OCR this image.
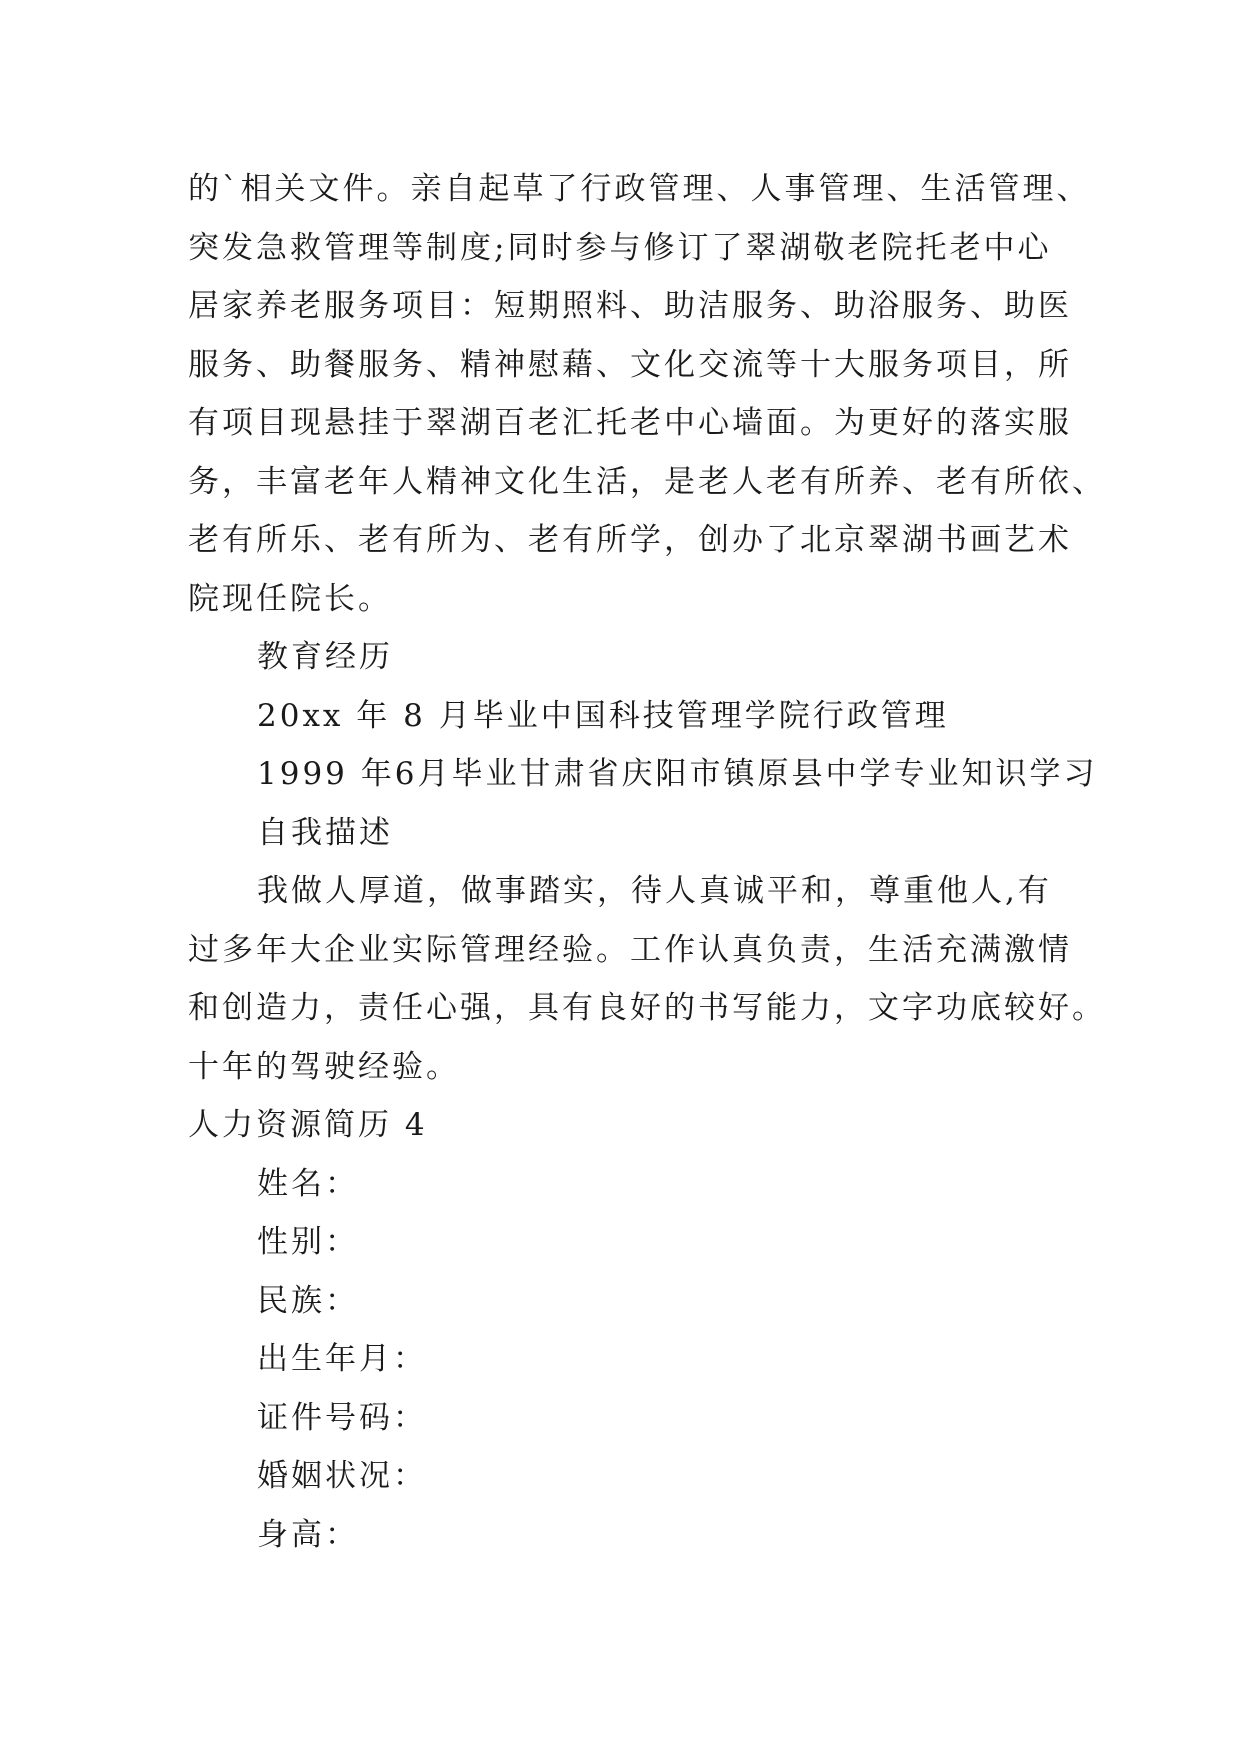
的`相关文件。亲自起草了行政管理、人事管理、生活管理、
突发急救管理等制度;同时参与修订了翠湖敬老院托老中心
居家养老服务项目：短期照料、助洁服务、助浴服务、助医
服务、助餐服务、精神慰藉、文化交流等十大服务项目，所
有项目现悬挂于翠湖百老汇托老中心墙面。为更好的落实服
务，丰富老年人精神文化生活，是老人老有所养、老有所依、
老有所乐、老有所为、老有所学，创办了北京翠湖书画艺术
院现任院长。
教育经历
20xx 年 8 月毕业中国科技管理学院行政管理
1999 年6月毕业甘肃省庆阳市镇原县中学专业知识学习
自我描述
我做人厚道，做事踏实，待人真诚平和，尊重他人,有
过多年大企业实际管理经验。工作认真负责，生活充满激情
和创造力，责任心强，具有良好的书写能力，文字功底较好。
十年的驾驶经验。
人力资源简历 4
姓名：
性别：
民族：
出生年月：
证件号码：
婚姻状况：
身高：
